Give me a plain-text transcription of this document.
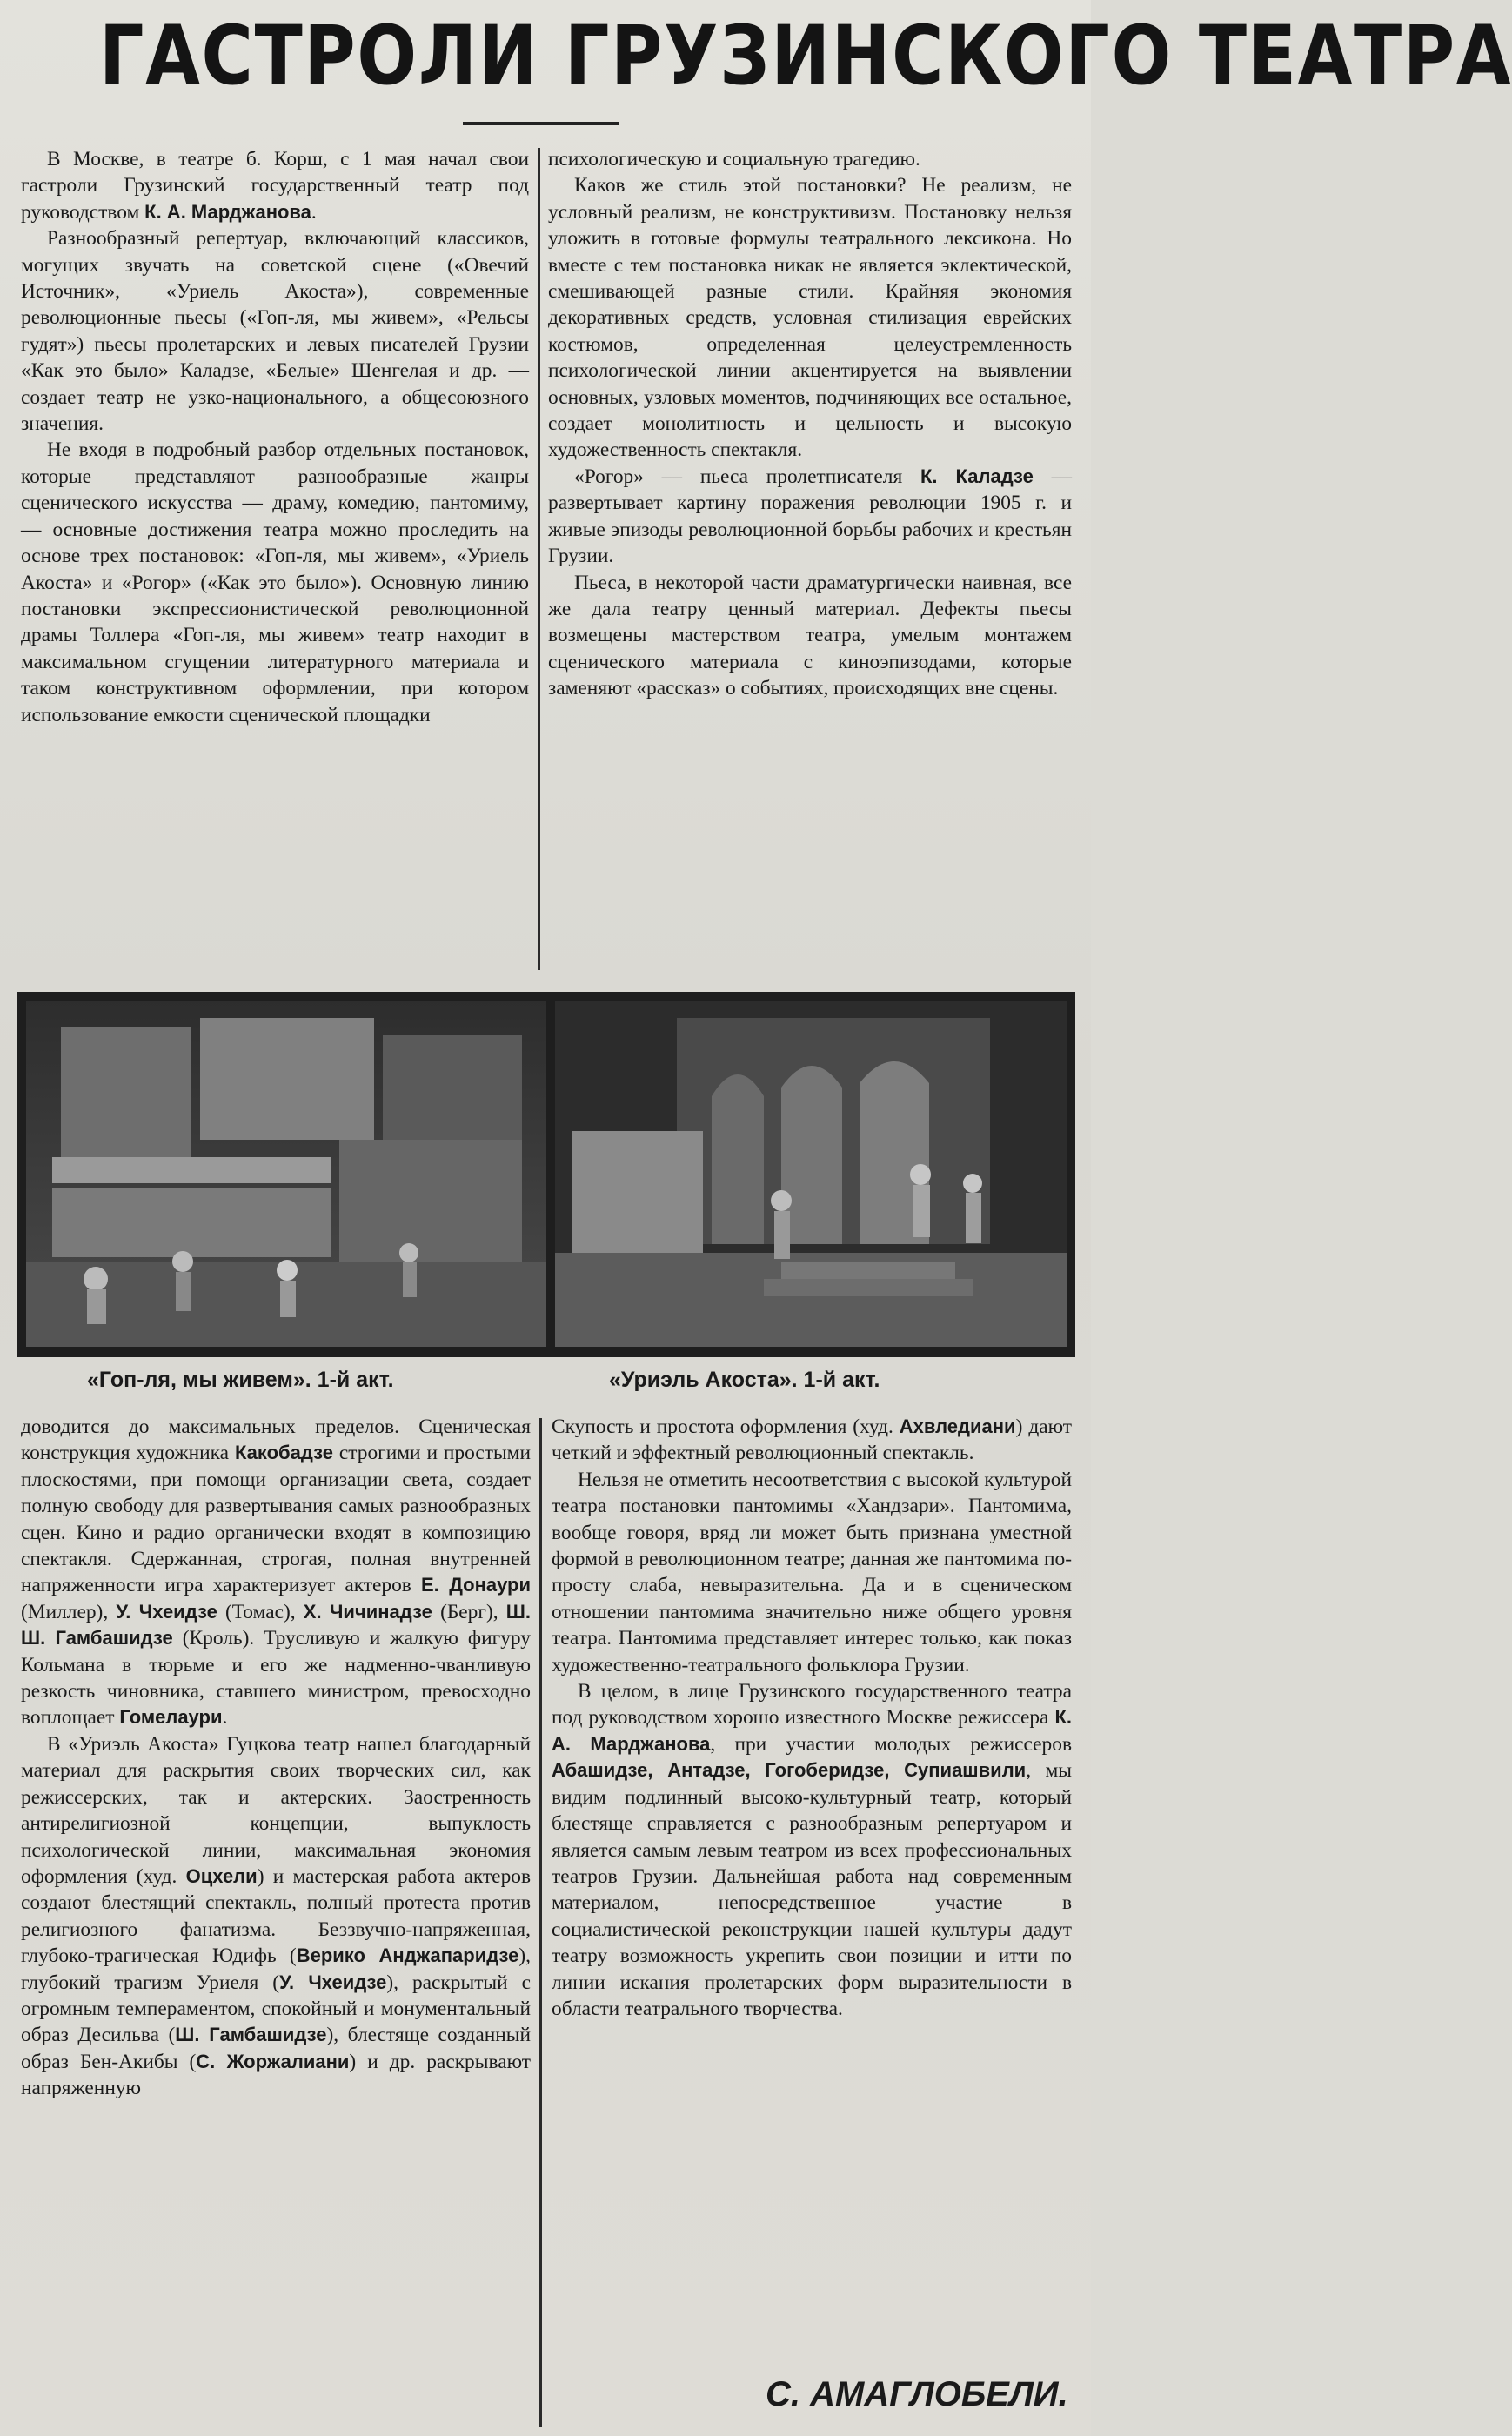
ГАСТРОЛИ ГРУЗИНСКОГО ТЕАТРА

В Москве, в театре б. Корш, с 1 мая начал свои гастроли Грузинский государственный театр под руководством К. А. Марджанова.

Разнообразный репертуар, включающий классиков, могущих звучать на советской сцене («Овечий Источник», «Уриель Акоста»), современные революционные пьесы («Гоп-ля, мы живем», «Рельсы гудят») пьесы пролетарских и левых писателей Грузии «Как это было» Каладзе, «Белые» Шенгелая и др. — создает театр не узко-национального, а общесоюзного значения.

Не входя в подробный разбор отдельных постановок, которые представляют разнообразные жанры сценического искусства — драму, комедию, пантомиму, — основные достижения театра можно проследить на основе трех постановок: «Гоп-ля, мы живем», «Уриель Акоста» и «Рогор» («Как это было»). Основную линию постановки экспрессионистической революционной драмы Толлера «Гоп-ля, мы живем» театр находит в максимальном сгущении литературного материала и таком конструктивном оформлении, при котором использование емкости сценической площадки

психологическую и социальную трагедию.

Каков же стиль этой постановки? Не реализм, не условный реализм, не конструктивизм. Постановку нельзя уложить в готовые формулы театрального лексикона. Но вместе с тем постановка никак не является эклектической, смешивающей разные стили. Крайняя экономия декоративных средств, условная стилизация еврейских костюмов, определенная целеустремленность психологической линии акцентируется на выявлении основных, узловых моментов, подчиняющих все остальное, создает монолитность и цельность и высокую художественность спектакля.

«Рогор» — пьеса пролетписателя К. Каладзе — развертывает картину поражения революции 1905 г. и живые эпизоды революционной борьбы рабочих и крестьян Грузии.

Пьеса, в некоторой части драматургически наивная, все же дала театру ценный материал. Дефекты пьесы возмещены мастерством театра, умелым монтажем сценического материала с киноэпизодами, которые заменяют «рассказ» о событиях, происходящих вне сцены.

«Гоп-ля, мы живем». 1-й акт.	«Уриэль Акоста». 1-й акт.

доводится до максимальных пределов. Сценическая конструкция художника Какобадзе строгими и простыми плоскостями, при помощи организации света, создает полную свободу для развертывания самых разнообразных сцен. Кино и радио органически входят в композицию спектакля. Сдержанная, строгая, полная внутренней напряженности игра характеризует актеров Е. Донаури (Миллер), У. Чхеидзе (Томас), Х. Чичинадзе (Берг), Ш. Ш. Гамбашидзе (Кроль). Трусливую и жалкую фигуру Кольмана в тюрьме и его же надменно-чванливую резкость чиновника, ставшего министром, превосходно воплощает Гомелаури.

В «Уриэль Акоста» Гуцкова театр нашел благодарный материал для раскрытия своих творческих сил, как режиссерских, так и актерских. Заостренность антирелигиозной концепции, выпуклость психологической линии, максимальная экономия оформления (худ. Оцхели) и мастерская работа актеров создают блестящий спектакль, полный протеста против религиозного фанатизма. Беззвучно-напряженная, глубоко-трагическая Юдифь (Верико Анджапаридзе), глубокий трагизм Уриеля (У. Чхеидзе), раскрытый с огромным темпераментом, спокойный и монументальный образ Десильва (Ш. Гамбашидзе), блестяще созданный образ Бен-Акибы (С. Жоржалиани) и др. раскрывают напряженную

Скупость и простота оформления (худ. Ахвледиани) дают четкий и эффектный революционный спектакль.

Нельзя не отметить несоответствия с высокой культурой театра постановки пантомимы «Хандзари». Пантомима, вообще говоря, вряд ли может быть признана уместной формой в революционном театре; данная же пантомима по-просту слаба, невыразительна. Да и в сценическом отношении пантомима значительно ниже общего уровня театра. Пантомима представляет интерес только, как показ художественно-театрального фольклора Грузии.

В целом, в лице Грузинского государственного театра под руководством хорошо известного Москве режиссера К. А. Марджанова, при участии молодых режиссеров Абашидзе, Антадзе, Гогоберидзе, Супиашвили, мы видим подлинный высоко-культурный театр, который блестяще справляется с разнообразным репертуаром и является самым левым театром из всех профессиональных театров Грузии. Дальнейшая работа над современным материалом, непосредственное участие в социалистической реконструкции нашей культуры дадут театру возможность укрепить свои позиции и итти по линии искания пролетарских форм выразительности в области театрального творчества.

С. АМАГЛОБЕЛИ.
